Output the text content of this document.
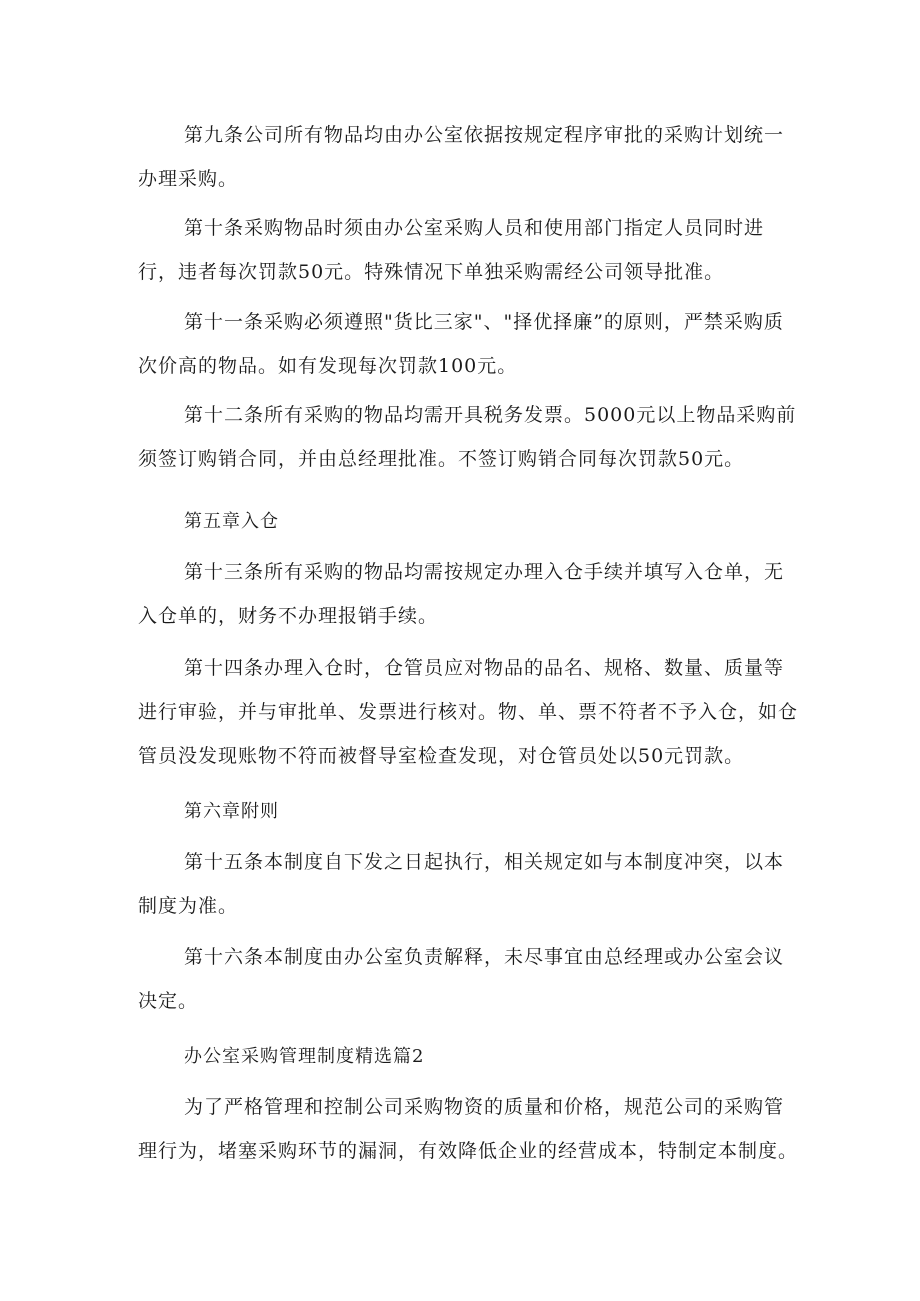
第九条公司所有物品均由办公室依据按规定程序审批的采购计划统一办理采购。

第十条采购物品时须由办公室采购人员和使用部门指定人员同时进行，违者每次罚款50元。特殊情况下单独采购需经公司领导批准。

第十一条采购必须遵照"货比三家"、"择优择廉”的原则，严禁采购质次价高的物品。如有发现每次罚款100元。

第十二条所有采购的物品均需开具税务发票。5000元以上物品采购前须签订购销合同，并由总经理批准。不签订购销合同每次罚款50元。

第五章入仓

第十三条所有采购的物品均需按规定办理入仓手续并填写入仓单，无入仓单的，财务不办理报销手续。

第十四条办理入仓时，仓管员应对物品的品名、规格、数量、质量等进行审验，并与审批单、发票进行核对。物、单、票不符者不予入仓，如仓管员没发现账物不符而被督导室检查发现，对仓管员处以50元罚款。

第六章附则

第十五条本制度自下发之日起执行，相关规定如与本制度冲突，以本制度为准。

第十六条本制度由办公室负责解释，未尽事宜由总经理或办公室会议决定。

办公室采购管理制度精选篇2

为了严格管理和控制公司采购物资的质量和价格，规范公司的采购管理行为，堵塞采购环节的漏洞，有效降低企业的经营成本，特制定本制度。
